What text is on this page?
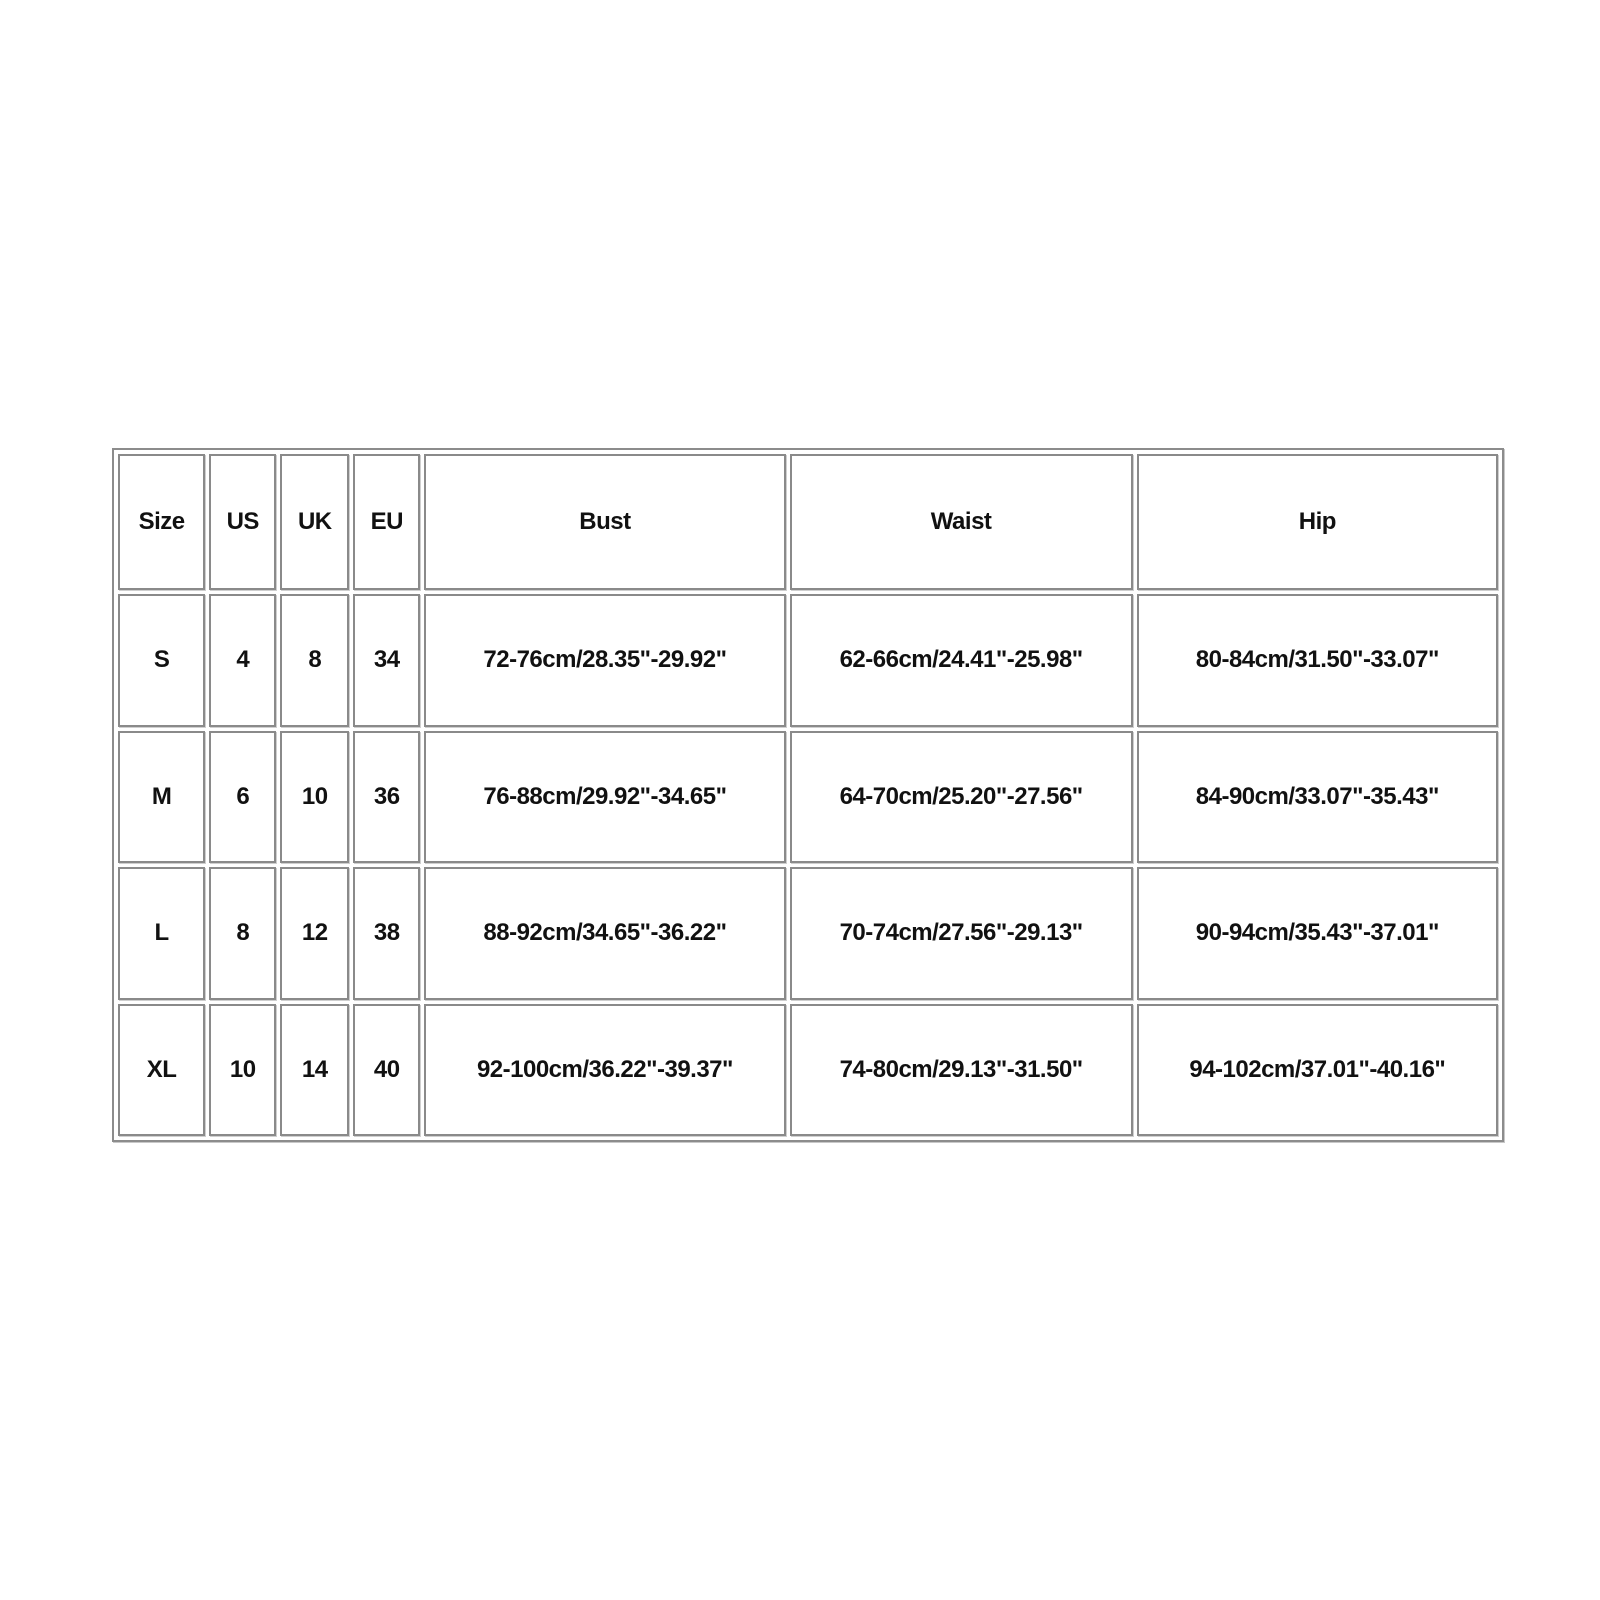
Size	US	UK	EU	Bust	Waist	Hip
S	4	8	34	72-76cm/28.35"-29.92"	62-66cm/24.41"-25.98"	80-84cm/31.50"-33.07"
M	6	10	36	76-88cm/29.92"-34.65"	64-70cm/25.20"-27.56"	84-90cm/33.07"-35.43"
L	8	12	38	88-92cm/34.65"-36.22"	70-74cm/27.56"-29.13"	90-94cm/35.43"-37.01"
XL	10	14	40	92-100cm/36.22"-39.37"	74-80cm/29.13"-31.50"	94-102cm/37.01"-40.16"
